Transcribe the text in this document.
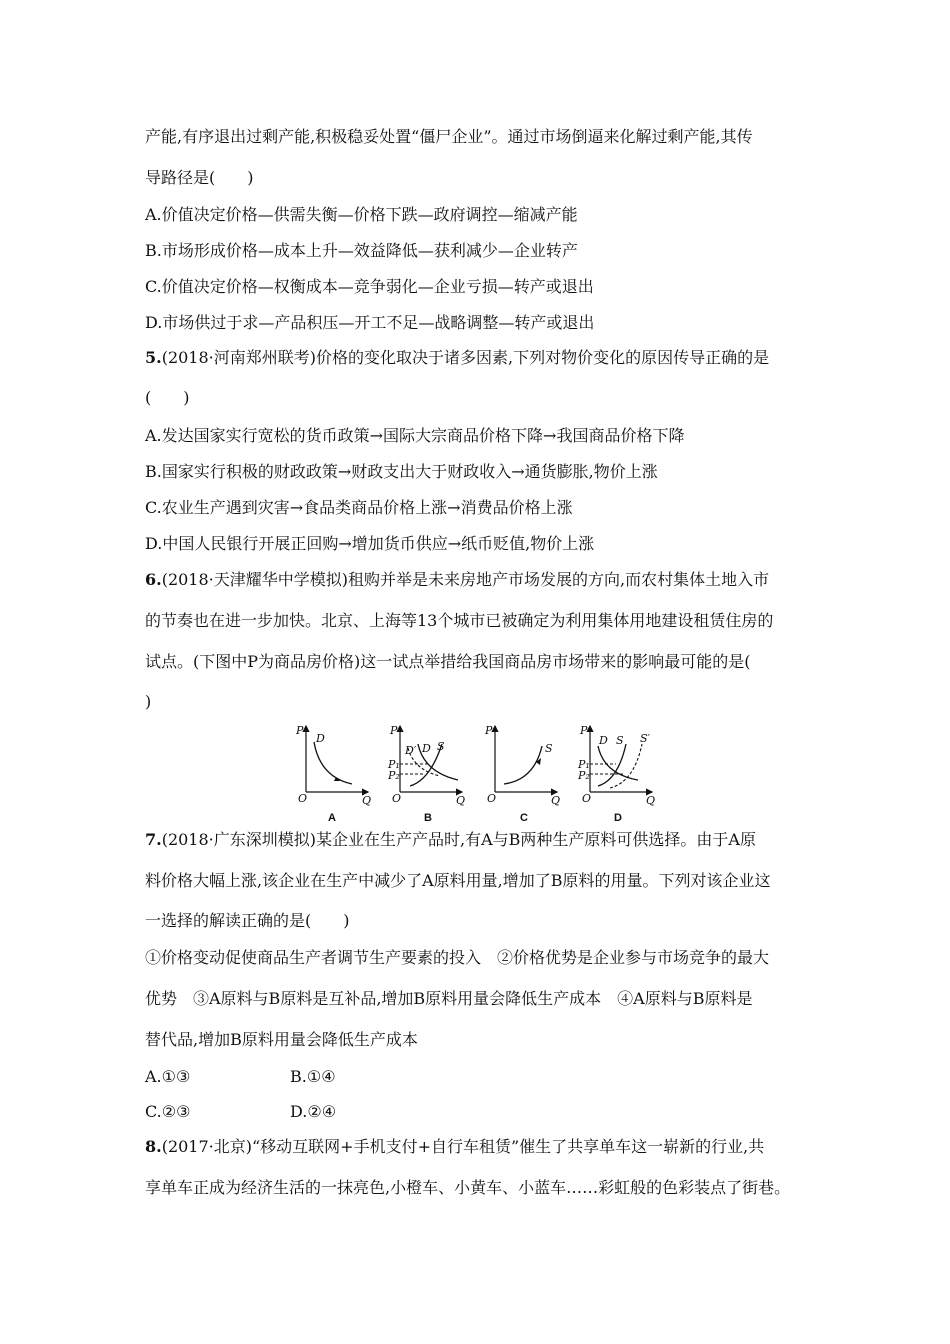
产能,有序退出过剩产能,积极稳妥处置“僵尸企业”。通过市场倒逼来化解过剩产能,其传
导路径是(　　)
A.价值决定价格—供需失衡—价格下跌—政府调控—缩减产能
B.市场形成价格—成本上升—效益降低—获利减少—企业转产
C.价值决定价格—权衡成本—竞争弱化—企业亏损—转产或退出
D.市场供过于求—产品积压—开工不足—战略调整—转产或退出
5.(2018·河南郑州联考)价格的变化取决于诸多因素,下列对物价变化的原因传导正确的是
(　　)
A.发达国家实行宽松的货币政策→国际大宗商品价格下降→我国商品价格下降
B.国家实行积极的财政政策→财政支出大于财政收入→通货膨胀,物价上涨
C.农业生产遇到灾害→食品类商品价格上涨→消费品价格上涨
D.中国人民银行开展正回购→增加货币供应→纸币贬值,物价上涨
6.(2018·天津耀华中学模拟)租购并举是未来房地产市场发展的方向,而农村集体土地入市
的节奏也在进一步加快。北京、上海等13个城市已被确定为利用集体用地建设租赁住房的
试点。(下图中P为商品房价格)这一试点举措给我国商品房市场带来的影响最可能的是(
)
P
O	Q
D
A
P
O	Q
D′ D S
P₁
P₂
B
P
O	Q
S
C
P
O	Q
D S S′
P₁
P₂
D
7.(2018·广东深圳模拟)某企业在生产产品时,有A与B两种生产原料可供选择。由于A原
料价格大幅上涨,该企业在生产中减少了A原料用量,增加了B原料的用量。下列对该企业这
一选择的解读正确的是(　　)
①价格变动促使商品生产者调节生产要素的投入　②价格优势是企业参与市场竞争的最大
优势　③A原料与B原料是互补品,增加B原料用量会降低生产成本　④A原料与B原料是
替代品,增加B原料用量会降低生产成本
A.①③	B.①④
C.②③	D.②④
8.(2017·北京)“移动互联网+手机支付+自行车租赁”催生了共享单车这一崭新的行业,共
享单车正成为经济生活的一抹亮色,小橙车、小黄车、小蓝车……彩虹般的色彩装点了街巷。
